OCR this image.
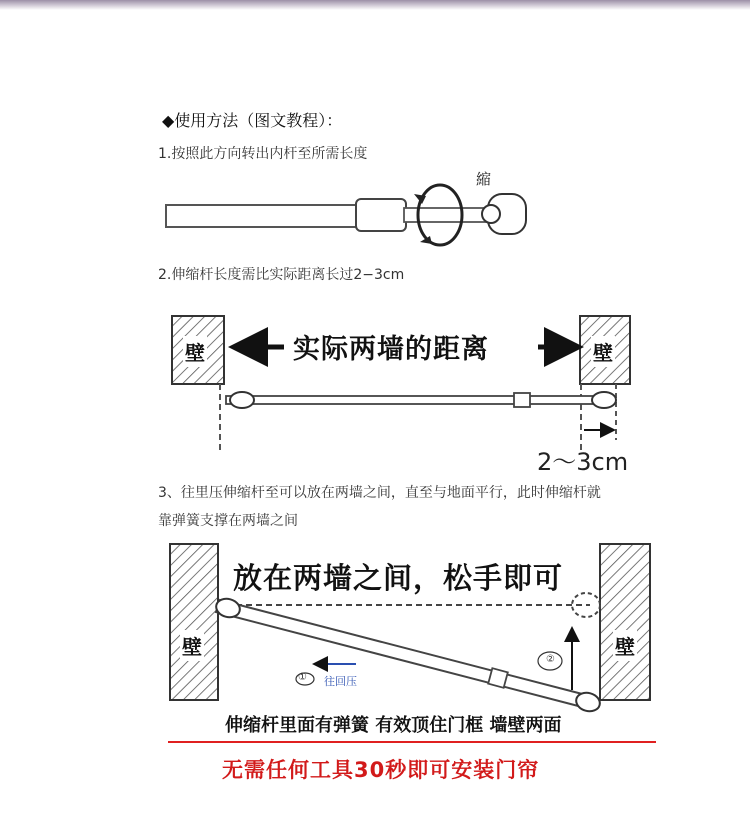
◆使用方法（图文教程）：
1.按照此方向转出内杆至所需长度
縮
2.伸缩杆长度需比实际距离长过2−3cm
实际两墙的距离
壁	壁
2～3cm
3、往里压伸缩杆至可以放在两墙之间，直至与地面平行，此时伸缩杆就
靠弹簧支撑在两墙之间
放在两墙之间，松手即可
壁	壁
① 往回压
②
伸缩杆里面有弹簧 有效顶住门框 墙壁两面
无需任何工具30秒即可安装门帘
